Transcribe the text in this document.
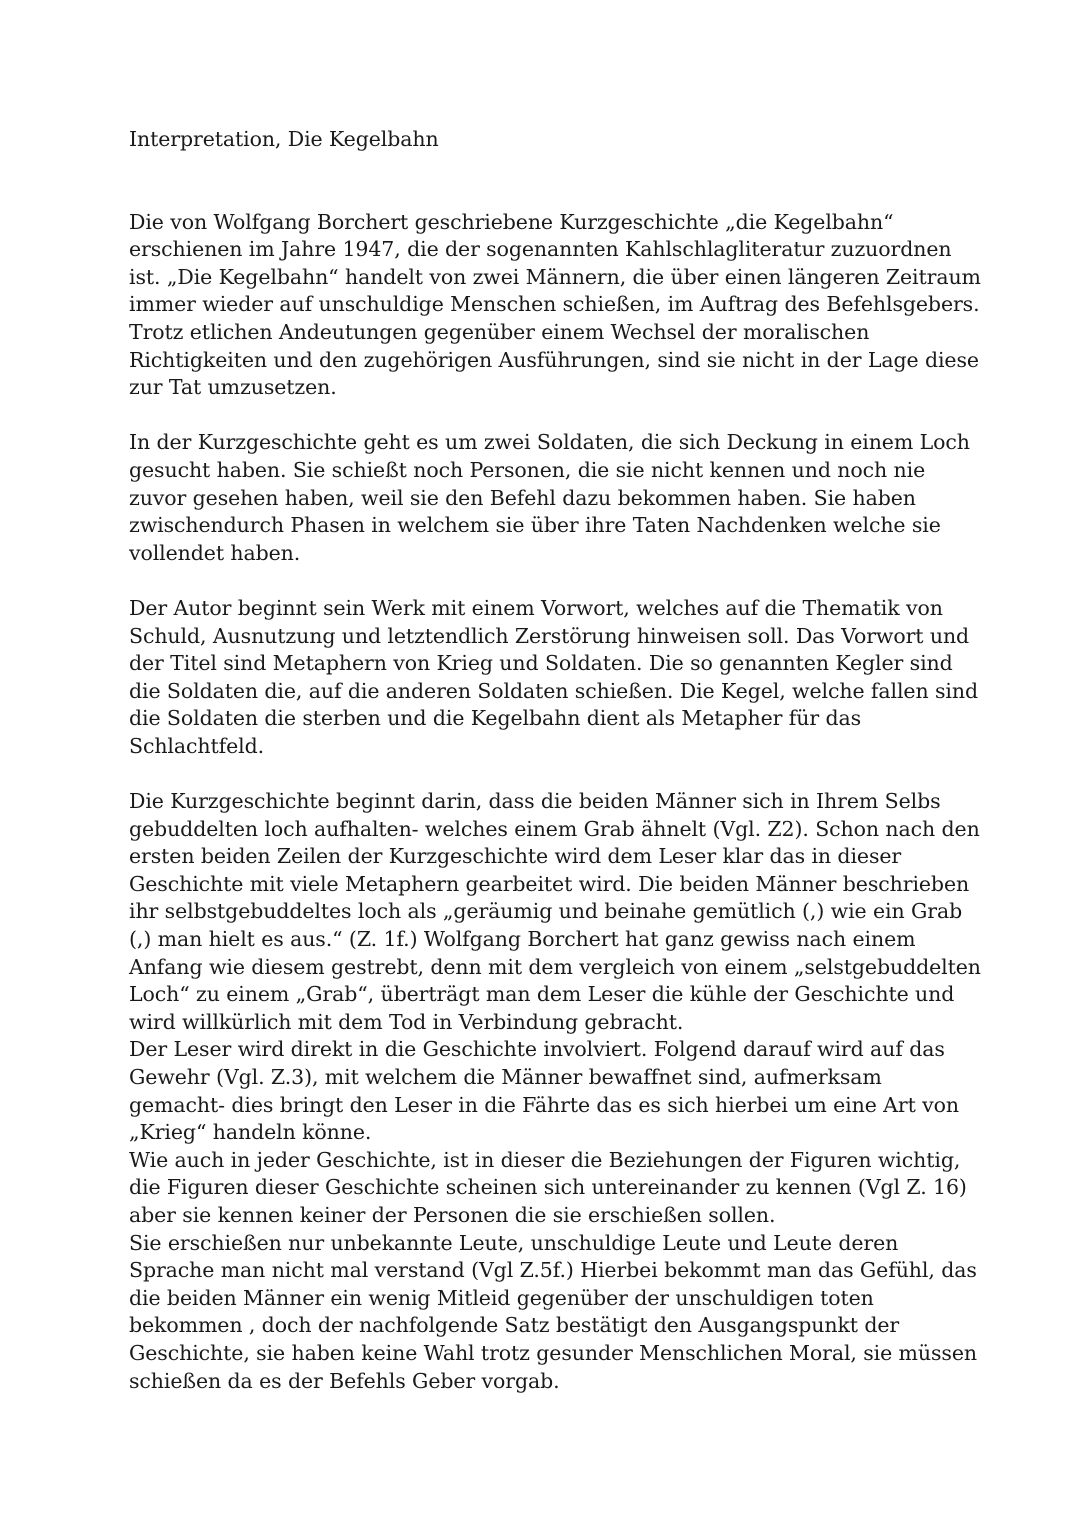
Interpretation, Die Kegelbahn

Die von Wolfgang Borchert geschriebene Kurzgeschichte „die Kegelbahn“
erschienen im Jahre 1947, die der sogenannten Kahlschlagliteratur zuzuordnen
ist. „Die Kegelbahn“ handelt von zwei Männern, die über einen längeren Zeitraum
immer wieder auf unschuldige Menschen schießen, im Auftrag des Befehlsgebers.
Trotz etlichen Andeutungen gegenüber einem Wechsel der moralischen
Richtigkeiten und den zugehörigen Ausführungen, sind sie nicht in der Lage diese
zur Tat umzusetzen.

In der Kurzgeschichte geht es um zwei Soldaten, die sich Deckung in einem Loch
gesucht haben. Sie schießt noch Personen, die sie nicht kennen und noch nie
zuvor gesehen haben, weil sie den Befehl dazu bekommen haben. Sie haben
zwischendurch Phasen in welchem sie über ihre Taten Nachdenken welche sie
vollendet haben.

Der Autor beginnt sein Werk mit einem Vorwort, welches auf die Thematik von
Schuld, Ausnutzung und letztendlich Zerstörung hinweisen soll. Das Vorwort und
der Titel sind Metaphern von Krieg und Soldaten. Die so genannten Kegler sind
die Soldaten die, auf die anderen Soldaten schießen. Die Kegel, welche fallen sind
die Soldaten die sterben und die Kegelbahn dient als Metapher für das
Schlachtfeld.

Die Kurzgeschichte beginnt darin, dass die beiden Männer sich in Ihrem Selbs
gebuddelten loch aufhalten- welches einem Grab ähnelt (Vgl. Z2). Schon nach den
ersten beiden Zeilen der Kurzgeschichte wird dem Leser klar das in dieser
Geschichte mit viele Metaphern gearbeitet wird. Die beiden Männer beschrieben
ihr selbstgebuddeltes loch als „geräumig und beinahe gemütlich (,) wie ein Grab
(,) man hielt es aus.“ (Z. 1f.) Wolfgang Borchert hat ganz gewiss nach einem
Anfang wie diesem gestrebt, denn mit dem vergleich von einem „selstgebuddelten
Loch“ zu einem „Grab“, überträgt man dem Leser die kühle der Geschichte und
wird willkürlich mit dem Tod in Verbindung gebracht.
Der Leser wird direkt in die Geschichte involviert. Folgend darauf wird auf das
Gewehr (Vgl. Z.3), mit welchem die Männer bewaffnet sind, aufmerksam
gemacht- dies bringt den Leser in die Fährte das es sich hierbei um eine Art von
„Krieg“ handeln könne.
Wie auch in jeder Geschichte, ist in dieser die Beziehungen der Figuren wichtig,
die Figuren dieser Geschichte scheinen sich untereinander zu kennen (Vgl Z. 16)
aber sie kennen keiner der Personen die sie erschießen sollen.
Sie erschießen nur unbekannte Leute, unschuldige Leute und Leute deren
Sprache man nicht mal verstand (Vgl Z.5f.) Hierbei bekommt man das Gefühl, das
die beiden Männer ein wenig Mitleid gegenüber der unschuldigen toten
bekommen , doch der nachfolgende Satz bestätigt den Ausgangspunkt der
Geschichte, sie haben keine Wahl trotz gesunder Menschlichen Moral, sie müssen
schießen da es der Befehls Geber vorgab.
